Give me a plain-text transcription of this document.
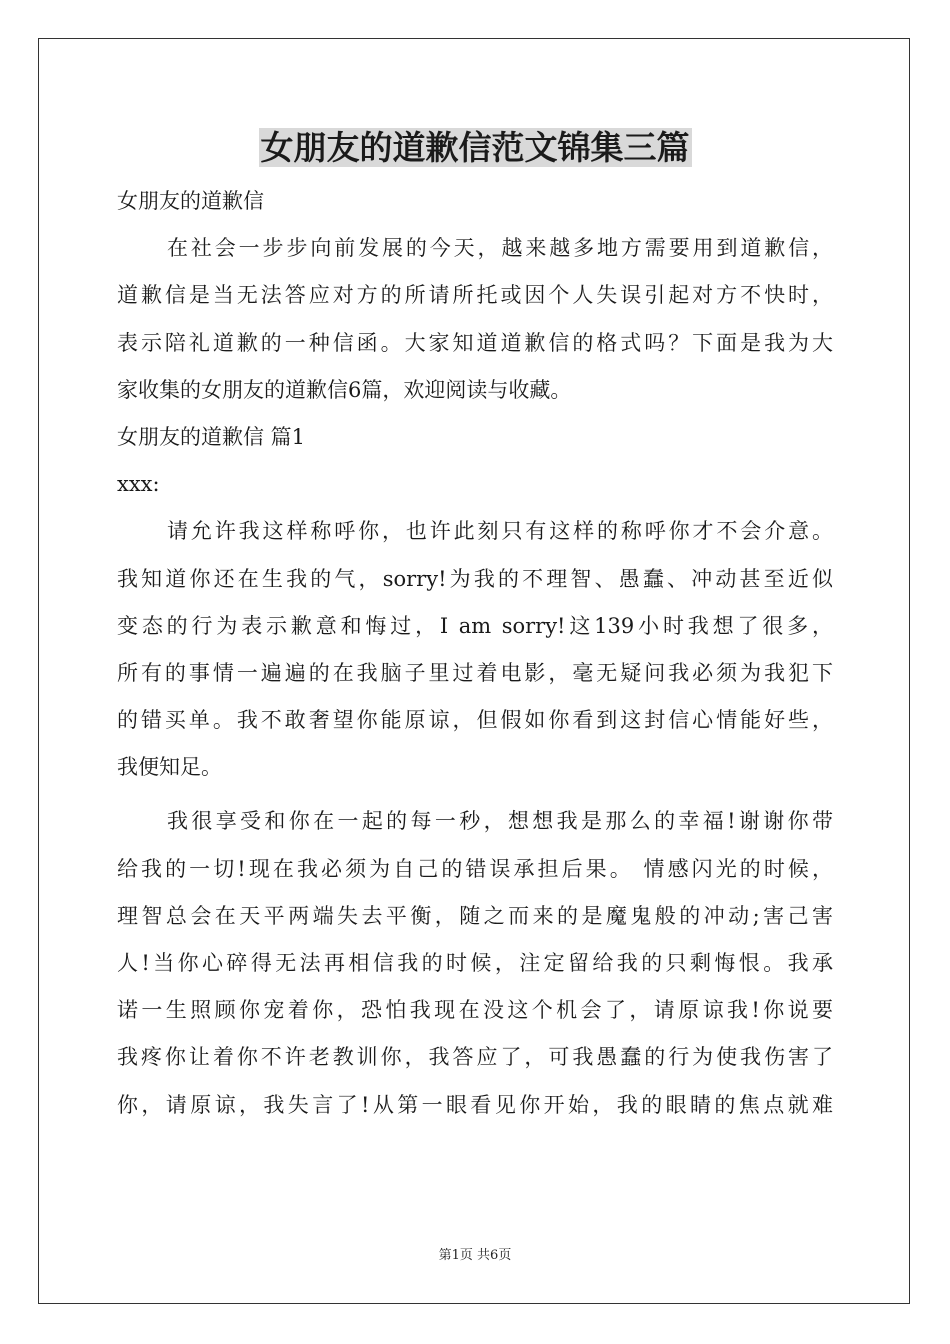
女朋友的道歉信范文锦集三篇
女朋友的道歉信
在社会一步步向前发展的今天，越来越多地方需要用到道歉信，
道歉信是当无法答应对方的所请所托或因个人失误引起对方不快时，
表示陪礼道歉的一种信函。大家知道道歉信的格式吗？下面是我为大
家收集的女朋友的道歉信6篇，欢迎阅读与收藏。
女朋友的道歉信 篇1
xxx:
请允许我这样称呼你，也许此刻只有这样的称呼你才不会介意。
我知道你还在生我的气，sorry!为我的不理智、愚蠢、冲动甚至近似
变态的行为表示歉意和悔过，I am sorry!这139小时我想了很多，
所有的事情一遍遍的在我脑子里过着电影，毫无疑问我必须为我犯下
的错买单。我不敢奢望你能原谅，但假如你看到这封信心情能好些，
我便知足。
我很享受和你在一起的每一秒，想想我是那么的幸福!谢谢你带
给我的一切!现在我必须为自己的错误承担后果。 情感闪光的时候，
理智总会在天平两端失去平衡，随之而来的是魔鬼般的冲动;害己害
人!当你心碎得无法再相信我的时候，注定留给我的只剩悔恨。我承
诺一生照顾你宠着你，恐怕我现在没这个机会了，请原谅我!你说要
我疼你让着你不许老教训你，我答应了，可我愚蠢的行为使我伤害了
你，请原谅，我失言了!从第一眼看见你开始，我的眼睛的焦点就难
第1页 共6页
